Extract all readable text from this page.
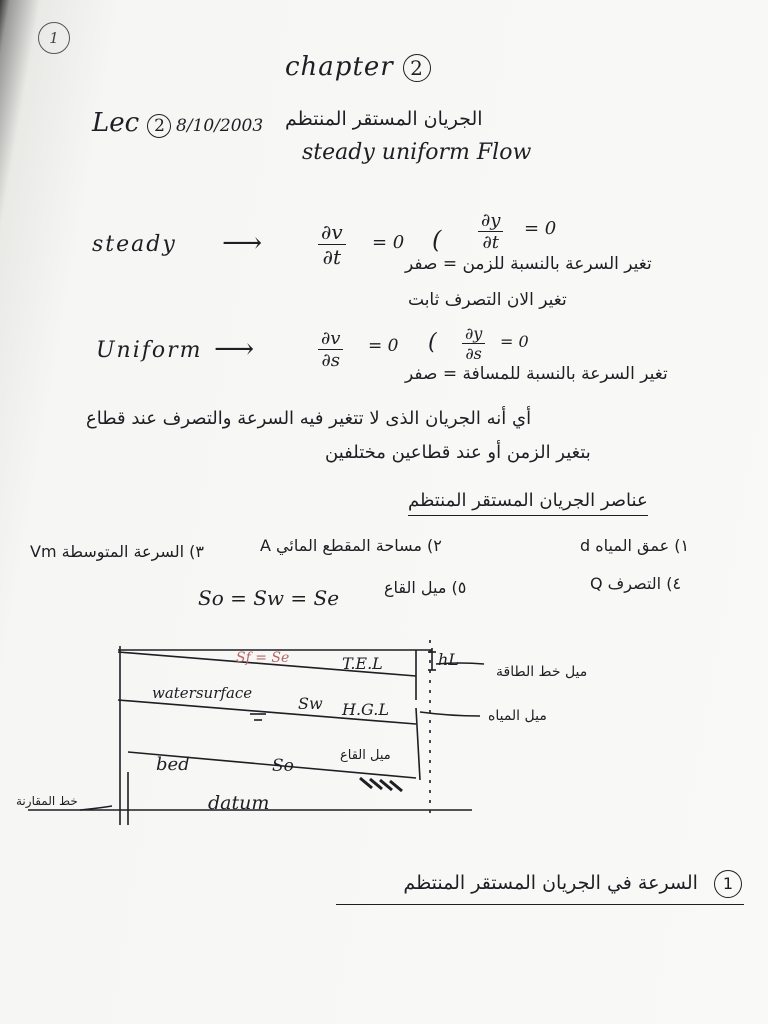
1
chapter 2
Lec 2 8/10/2003 الجريان المستقر المنتظم
steady uniform Flow
steady ⟶	$\frac{\partial v}{\partial t} = 0$ ( $\frac{\partial y}{\partial t} = 0$
تغير السرعة بالنسبة للزمن = صفر
تغير الان التصرف ثابت
Uniform ⟶	$\frac{\partial v}{\partial s} = 0$ ( $\frac{\partial y}{\partial s} = 0$
تغير السرعة بالنسبة للمسافة = صفر
أي أنه الجريان الذى لا تتغير فيه السرعة والتصرف عند قطاع
بتغير الزمن أو عند قطاعين مختلفين
عناصر الجريان المستقر المنتظم
١) عمق المياه d
٢) مساحة المقطع المائي A
٣) السرعة المتوسطة Vm
٤) التصرف Q
٥) ميل القاع
So = Sw = Se
Sf = Se	T.E.L	hL
ميل خط الطاقة
watersurface
Sw H.G.L	ميل المياه
bed	So
ميل القاع
datum
خط المقارنة
1 السرعة في الجريان المستقر المنتظم
